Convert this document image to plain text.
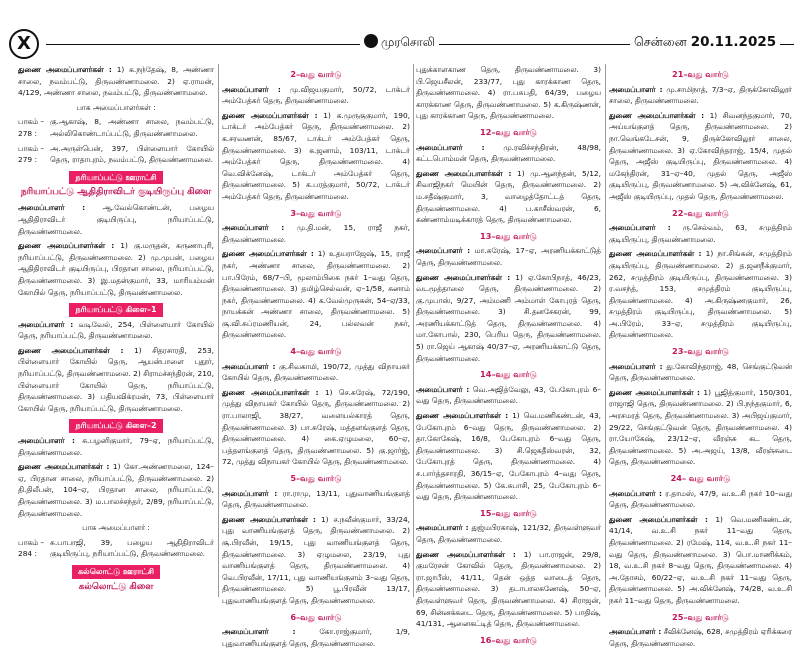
X	முரசொலி	சென்னை 20.11.2025

துணை அமைப்பாளர்கள் : 1) க.நந்தேஷ், 8, அண்ணா சாலை, நவம்பட்டு, திருவண்ணாமலை. 2) ஏ.ராமன், 4/129, அண்ணா சாலை, நவம்பட்டு, திருவண்ணாமலை.

பாக அமைப்பாளர்கள் :
பாகம் –278 :
கு.ஆகாஷ், 8, அண்ணா சாலை, நவம்பட்டு, அல்லிகொண்டாப்பட்டு, திருவண்ணாமலை.
பாகம் –279 :
அ.அருள்பென், 397, பிள்ளையார் கோயில் தெரு, ராதாபுரம், நவம்பட்டு, திருவண்ணாமலை.
நரியாப்பட்டு ஊராட்சி
நரியாப்பட்டு ஆதிதிராவிடர் குடியிருப்பு கிளை

அமைப்பாளர் : ஆ.வேல்கொண்டன், பழைய ஆதிதிராவிடர் குடியிருப்பு, நரியாப்பட்டு, திருவண்ணாமலை.

துணை அமைப்பாளர்கள் : 1) கு.மருதன், கருணாபுரி, நரியாப்பட்டு, திருவண்ணாமலை. 2) மு.முபன், பழைய ஆதிதிராவிடர் குடியிருப்பு, பிரதான சாலை, நரியாப்பட்டு, திருவண்ணாமலை. 3) இ.மதன்குமார், 33, மாரியம்மன் கோயில் தெரு, நரியாப்பட்டு, திருவண்ணாமலை.

நரியாப்பட்டு கிளை–1

அமைப்பாளர் : வடிவேல், 254, பிள்ளையார் கோயில் தெரு, நரியாப்பட்டு, திருவண்ணாமலை.

துணை அமைப்பாளர்கள் : 1) சிதரசாரதி, 253, பிள்ளையார் கோயில் தெரு, ஆயன்பாளை புதூர், நரியாப்பட்டு, திருவண்ணாமலை. 2) சிராமச்சந்திரன், 210, பிள்ளையார் கோயில் தெரு, நரியாப்பட்டு, திருவண்ணாமலை. 3) பதியவிக்ரமன், 73, பிள்ளையார் கோயில் தெரு, நரியாப்பட்டு, திருவண்ணாமலை.

நரியாப்பட்டு கிளை–2

அமைப்பாளர் : சு.பழனிகுமார், 79–ஏ, நரியாப்பட்டு, திருவண்ணாமலை.

துணை அமைப்பாளர்கள் : 1) கோ.அண்ணாமலை, 124–ஏ, பிரதான சாலை, நரியாப்பட்டு, திருவண்ணாமலை. 2) தி.திலீபன், 104–ஏ, பிரதான சாலை, நரியாப்பட்டு, திருவண்ணாமலை. 3) ம.பாலச்சந்தர், 2/89, நரியாப்பட்டு, திருவண்ணாமலை.

பாக அமைப்பாளர் :
பாகம் –284 :
சு.பாபாஜி, 39, பழைய ஆதிதிராவிடர் குடியிருப்பு, நரியாப்பட்டு, திருவண்ணாமலை.
கல்லொட்டு ஊராட்சி
கல்லொட்டு கிளை
2–வது வார்டு

அமைப்பாளர் : மு.விஜயகுமார், 50/72, டாக்டர் அம்பேத்கர் தெரு, திருவண்ணாமலை.

துணை அமைப்பாளர்கள் : 1) க.முருகுகுமார், 190, டாக்டர் அம்பேத்கர் தெரு, திருவண்ணாமலை. 2) க.சரவணன், 85/67, டாக்டர் அம்பேத்கர் தெரு, திருவண்ணாமலை. 3) க.ஜனாம், 103/11, டாக்டர் அம்பேத்கர் தெரு, திருவண்ணாமலை. 4) வெ.விக்னேஷ், டாக்டர் அம்பேத்கர் தெரு, திருவண்ணாமலை. 5) க.பரத்குமார், 50/72, டாக்டர் அம்பேத்கர் தெரு, திருவண்ணாமலை.

3–வது வார்டு

அமைப்பாளர் : மு.தி.மன், 15, ராஜீ நகர், திருவண்ணாமலை.

துணை அமைப்பாளர்கள் : 1) உதயராஜேஷ், 15, ராஜீ நகர், அண்ணா சாலை, திருவண்ணாமலை. 2) பா.பிரேம், 68/7–பி, மூலாம்பிகை நகர் 1–வது தெரு, திருவண்ணாமலை. 3) தமிழ்செல்வன், ஏ–1/58, சுனாம் நகர், திருவண்ணாமலை. 4) க.வேல்முருகன், 54–ஏ/33, நாயக்கன் அண்ணா சாலை, திருவண்ணாமலை. 5) சூ.வி.சுப்ரமணியன், 24, பல்லவன் நகர், திருவண்ணாமலை.

4–வது வார்டு

அமைப்பாளர் : கு.சிவகாமி, 190/72, முத்து விநாயகர் கோயில் தெரு, திருவண்ணாமலை.

துணை அமைப்பாளர்கள் : 1) செ.சுரேஷ், 72/190, முத்து விநாயகர் கோயில் தெரு, திருவண்ணாமலை. 2) ரா.பாலாஜி, 38/27, வளையல்காரத் தெரு, திருவண்ணாமலை. 3) பா.சுரேஷ், மத்தளங்குளத் தெரு, திருவண்ணாமலை. 4) கை.ஏழுமலை, 60–ஏ, பத்தளங்குளத் தெரு, திருவண்ணாமலை. 5) கு.ஜார்ஜ், 72, முத்து விநாயகர் கோயில் தெரு, திருவண்ணாமலை.

5–வது வார்டு

அமைப்பாளர் : ரா.ராமு, 13/11, புதுவாணியங்குளத் தெரு, திருவண்ணாமலை.

துணை அமைப்பாளர்கள் : 1) ச.நவீன்குமார், 33/24, புது வாணியங்குளத் தெரு, திருவண்ணாமலை. 2) சூ.பிரவீன், 19/15, புது வாணியங்குளத் தெரு, திருவண்ணாமலை. 3) ஏழுமலை, 23/19, புது வாணியங்குளத் தெரு, திருவண்ணாமலை. 4) வெ.பிரவீன், 17/11, புது வாணியங்குளம் 3–வது தெரு, திருவண்ணாமலை. 5) பூ.பிரவீன் 13/17, புதுவாணியங்குளத் தெரு, திருவண்ணாமலை.

6–வது வார்டு

அமைப்பாளர் : கோ.ராஜ்குமார், 1/9, புதுவாணியங்குளத் தெரு, திருவண்ணாமலை.

புதுக்காளகாண தெரு, திருவண்ணாமலை. 3) பி.ஜெயசீலன், 233/77, புது காரக்காண தெரு, திருவண்ணாமலை. 4) ரா.பசுபதி, 64/39, பழைய காரக்காண தெரு, திருவண்ணாமலை. 5) க.கிருஷ்ணன், புது காரக்காண தெரு, திருவண்ணாமலை.

12–வது வார்டு

அமைப்பாளர் : மு.ரவிச்சந்திரன், 48/98, கட்டபொம்மன் தெரு, திருவண்ணாமலை.

துணை அமைப்பாளர்கள் : 1) மு.ஆனந்தன், 5/12, சிவாஜிநகர் மெயின் தெரு, திருவண்ணாமலை. 2) ம.சதீஷ்குமார், 3, வாழைத்தோட்டத் தெரு, திருவண்ணாமலை. 4) ப.காசீஸ்வரன், 6, கண்ணாம்மடிக்காரத் தெரு, திருவண்ணாமலை.

13–வது வார்டு

அமைப்பாளர் : மா.சுரேஷ், 17–ஏ, அரணியக்காட்டுத் தெரு, திருவண்ணாமலை.

துணை அமைப்பாளர்கள் : 1) ஏ.கோபிநாத், 46/23, வடமூத்தாலை தெரு, திருவண்ணாமலை. 2) கு.முபாஸ், 9/27, அம்மணி அம்மாள் கோபுரத் தெரு, திருவண்ணாமலை. 3) சி.தனசேகரன், 99, அரணியக்காட்டுத் தெரு, திருவண்ணாமலை. 4) மா.கோபால், 230, பெரிய தெரு, திருவண்ணாமலை. 5) ரா.ஜெய் ஆகாஷ் 40/37–ஏ, அரணியக்காட்டு தெரு, திருவண்ணாமலை.

14–வது வார்டு

அமைப்பாளர் : வெ.அஜித்வேலு, 43, பேகோபுரம் 6–வது தெரு, திருவண்ணாமலை.

துணை அமைப்பாளர்கள் : 1) வெ.மணிகண்டன், 43, பேகோபுரம் 6–வது தெரு, திருவண்ணாமலை. 2) தா.கோகேஷ், 16/8, பேகோபுரம் 6–வது தெரு, திருவண்ணாமலை. 3) சி.ஜெகதீஸ்வரன், 32, பேகோபுரத் தெரு, திருவண்ணாமலை. 4) ச.பார்த்தசாரதி, 36/15–ஏ, பேகோபுரம் 4–வது தெரு, திருவண்ணாமலை. 5) கே.சுபாசி, 25, பேகோபுரம் 6–வது தெரு, திருவண்ணாமலை.

15–வது வார்டு

அமைப்பாளர் : துஜ்மபிரகாஷ், 121/32, திருவள்ளுவர் தெரு, திருவண்ணாமலை.

துணை அமைப்பாளர்கள் : 1) பா.ராஜன், 29/8, குமரேசன் கோவில் தெரு, திருவண்ணாமலை. 2) ரா.ஜாபீஸ், 41/11, தென் ஒத்த வாடைத் தெரு, திருவண்ணாமலை. 3) தடாபாலகணேஷ், 50–ஏ, திருவள்ளுவர் தெரு, திருவண்ணாமலை. 4) சிராஜன், 69, சின்னக்கடை தெரு, திருவண்ணாமலை. 5) பாதிஷ், 41/131, ஆனைகட்டித் தெரு, திருவண்ணாமலை.

16–வது வார்டு
21–வது வார்டு

அமைப்பாளர் : மு.சாமிநாத், 7/3–ஏ, திருக்கோவிலூர் சாலை, திருவண்ணாமலை.

துணை அமைப்பாளர்கள் : 1) சிவனந்தகுமார், 70, அய்யங்குளத் தெரு, திருவண்ணாமலை. 2) நா.வெங்கடேசன், 9, திருக்கோவிலூர் சாலை, திருவண்ணாமலை. 3) ஏ.கோவிந்தராஜ், 15/4, முதல் தெரு, அஜீஸ் குடியிருப்பு, திருவண்ணாமலை. 4) மகேந்திரன், 31–ஏ–40, முதல் தெரு, அஜீஸ் குடியிருப்பு, திருவண்ணாமலை. 5) அ.விக்னேஷ், 61, அஜீஸ் குடியிருப்பு, முதல் தெரு, திருவண்ணாமலை.

22–வது வார்டு

அமைப்பாளர் : ரு.செல்வம், 63, சமுத்திரம் குடியிருப்பு, திருவண்ணாமலை.

துணை அமைப்பாளர்கள் : 1) நா.சிங்கன், சமுத்திரம் குடியிருப்பு, திருவண்ணாமலை. 2) த.ஜனநீக்குமார், 262, சமுத்திரம் குடியிருப்பு, திருவண்ணாமலை. 3) ர.வசந்த், 153, சமுத்திரம் குடியிருப்பு, திருவண்ணாமலை. 4) அ.கிருஷ்ணகுமார், 26, சமுத்திரம் குடியிருப்பு, திருவண்ணாமலை. 5) அ.பிரேம், 33–ஏ, சமுத்திரம் குடியிருப்பு, திருவண்ணாமலை.

23–வது வார்டு

அமைப்பாளர் : து.கோவிந்தராஜ், 48, செங்குட்டுவன் தெரு, திருவண்ணாமலை.

துணை அமைப்பாளர்கள் : 1) பூஜித்குமார், 150/301, ராஜாஜி தெரு, திருவண்ணாமலை. 2) பி.நந்தகுமார், 6, அரசமரத் தெரு, திருவண்ணாமலை. 3) அபிஜய்குமார், 29/22, செங்குட்டுவன் தெரு, திருவண்ணாமலை. 4) ரா.யோகேஷ், 23/12–ஏ, வீரஞ்சு கட தெரு, திருவண்ணாமலை. 5) அ.அஜய், 13/8, வீரஞ்சுடை தெரு, திருவண்ணாமலை.

24– வது வார்டு

அமைப்பாளர் : ர.தாமஸ், 47/9, வ.உ.சி நகர் 10–வது தெரு, திருவண்ணாமலை.

துணை அமைப்பாளர்கள் : 1) வெ.மணிகண்டன், 41/14, வ.உ.சி நகர் 11–வது தெரு, திருவண்ணாமலை. 2) ரமேஷ், 114, வ.உ.சி நகர் 11–வது தெரு, திருவண்ணாமலை. 3) பொ.மாணிக்கம், 18, வ.உ.சி நகர் 8–வது தெரு, திருவண்ணாமலை. 4) அ.தோசம், 60/22–ஏ, வ.உ.சி நகர் 11–வது தெரு, திருவண்ணாமலை. 5) அ.விக்னேஷ், 74/28, வ.உ.சி நகர் 11–வது தெரு, திருவண்ணாமலை.

25–வது வார்டு

அமைப்பாளர் : சீவிக்னேஷ், 628, சமுத்திரம் ஏரிக்கரை தெரு, திருவண்ணாமலை.
